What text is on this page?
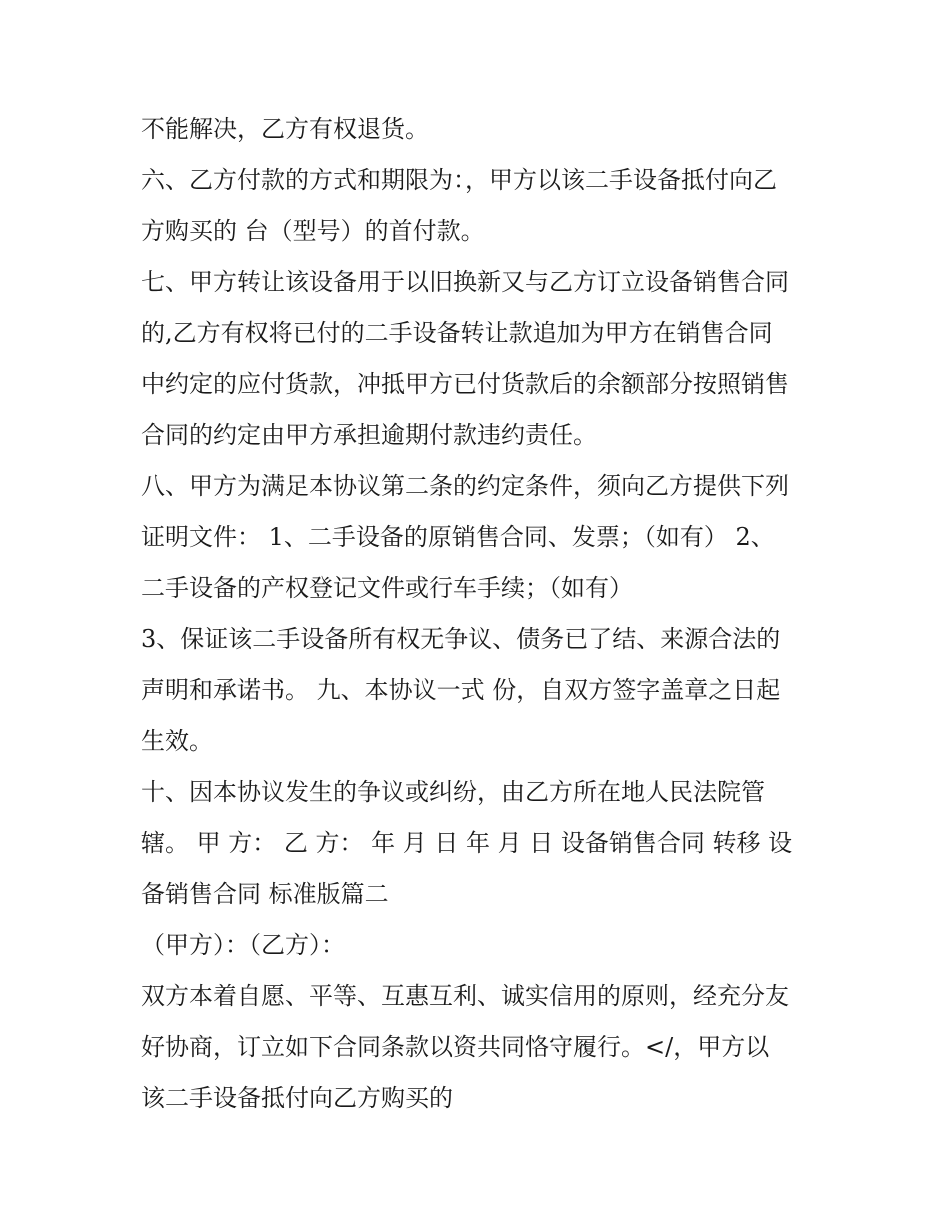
不能解决，乙方有权退货。
六、乙方付款的方式和期限为：，甲方以该二手设备抵付向乙
方购买的 台（型号）的首付款。
七、甲方转让该设备用于以旧换新又与乙方订立设备销售合同
的,乙方有权将已付的二手设备转让款追加为甲方在销售合同
中约定的应付货款，冲抵甲方已付货款后的余额部分按照销售
合同的约定由甲方承担逾期付款违约责任。
八、甲方为满足本协议第二条的约定条件，须向乙方提供下列
证明文件： 1、二手设备的原销售合同、发票；（如有） 2、
二手设备的产权登记文件或行车手续；（如有）
3、保证该二手设备所有权无争议、债务已了结、来源合法的
声明和承诺书。 九、本协议一式 份，自双方签字盖章之日起
生效。
十、因本协议发生的争议或纠纷，由乙方所在地人民法院管
辖。 甲 方： 乙 方： 年 月 日 年 月 日 设备销售合同 转移 设
备销售合同 标准版篇二
（甲方）：（乙方）：
双方本着自愿、平等、互惠互利、诚实信用的原则，经充分友
好协商，订立如下合同条款以资共同恪守履行。</，甲方以
该二手设备抵付向乙方购买的
